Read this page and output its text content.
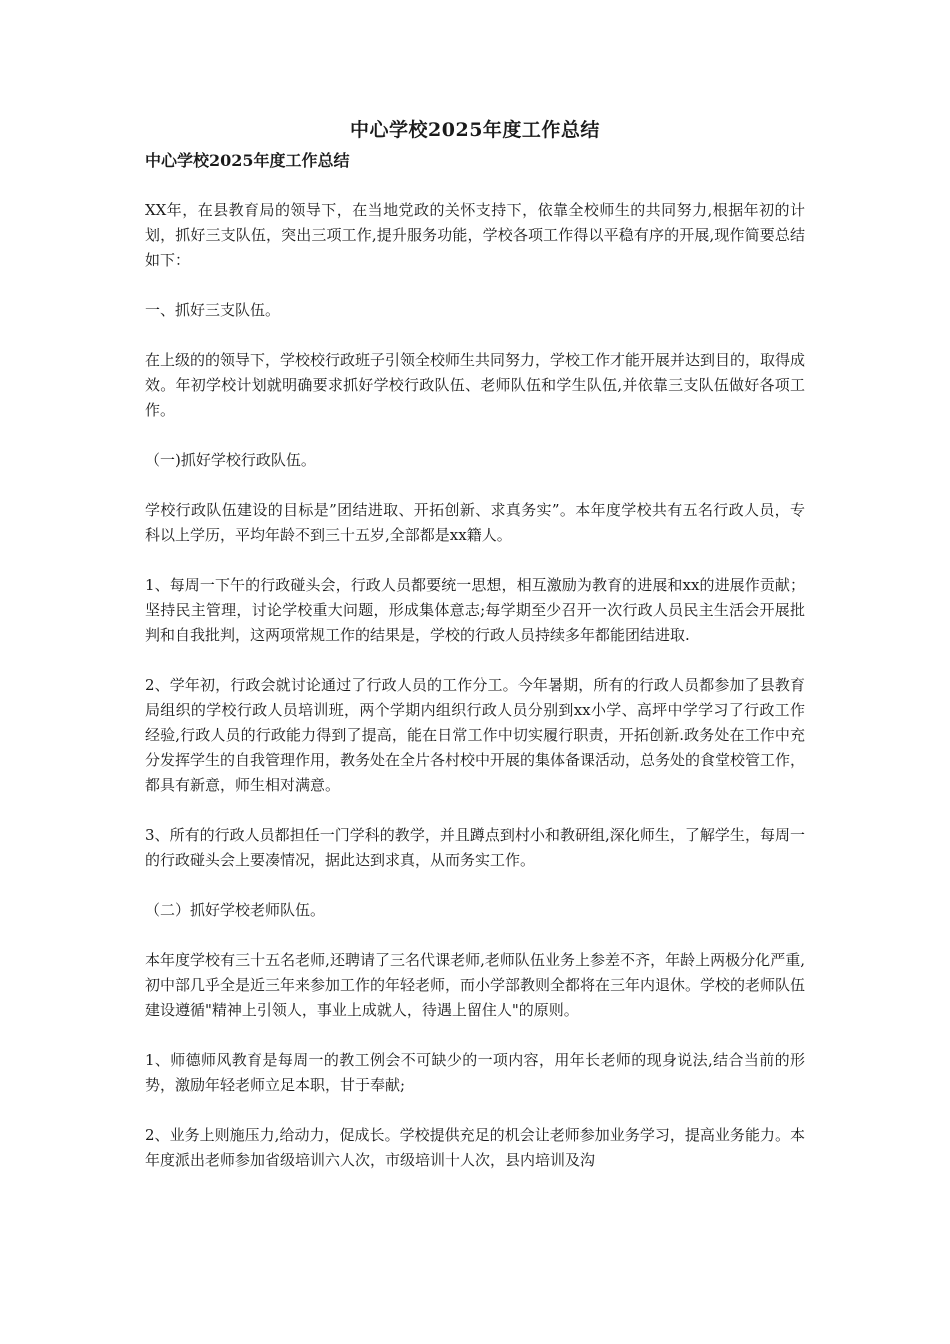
中心学校2025年度工作总结
中心学校2025年度工作总结
XX年，在县教育局的领导下，在当地党政的关怀支持下，依靠全校师生的共同努力,根据年初的计划，抓好三支队伍，突出三项工作,提升服务功能，学校各项工作得以平稳有序的开展,现作简要总结如下：
一、抓好三支队伍。
在上级的的领导下，学校校行政班子引领全校师生共同努力，学校工作才能开展并达到目的，取得成效。年初学校计划就明确要求抓好学校行政队伍、老师队伍和学生队伍,并依靠三支队伍做好各项工作。
（一)抓好学校行政队伍。
学校行政队伍建设的目标是”团结进取、开拓创新、求真务实”。本年度学校共有五名行政人员，专科以上学历，平均年龄不到三十五岁,全部都是xx籍人。
1、每周一下午的行政碰头会，行政人员都要统一思想，相互激励为教育的进展和xx的进展作贡献；坚持民主管理，讨论学校重大问题，形成集体意志;每学期至少召开一次行政人员民主生活会开展批判和自我批判，这两项常规工作的结果是，学校的行政人员持续多年都能团结进取.
2、学年初，行政会就讨论通过了行政人员的工作分工。今年暑期，所有的行政人员都参加了县教育局组织的学校行政人员培训班，两个学期内组织行政人员分别到xx小学、高坪中学学习了行政工作经验,行政人员的行政能力得到了提高，能在日常工作中切实履行职责，开拓创新.政务处在工作中充分发挥学生的自我管理作用，教务处在全片各村校中开展的集体备课活动，总务处的食堂校管工作，都具有新意，师生相对满意。
3、所有的行政人员都担任一门学科的教学，并且蹲点到村小和教研组,深化师生，了解学生，每周一的行政碰头会上要凑情况，据此达到求真，从而务实工作。
（二）抓好学校老师队伍。
本年度学校有三十五名老师,还聘请了三名代课老师,老师队伍业务上参差不齐，年龄上两极分化严重,初中部几乎全是近三年来参加工作的年轻老师，而小学部教则全都将在三年内退休。学校的老师队伍建设遵循"精神上引领人，事业上成就人，待遇上留住人"的原则。
1、师德师风教育是每周一的教工例会不可缺少的一项内容，用年长老师的现身说法,结合当前的形势，激励年轻老师立足本职，甘于奉献;
2、业务上则施压力,给动力，促成长。学校提供充足的机会让老师参加业务学习，提高业务能力。本年度派出老师参加省级培训六人次，市级培训十人次，县内培训及沟
